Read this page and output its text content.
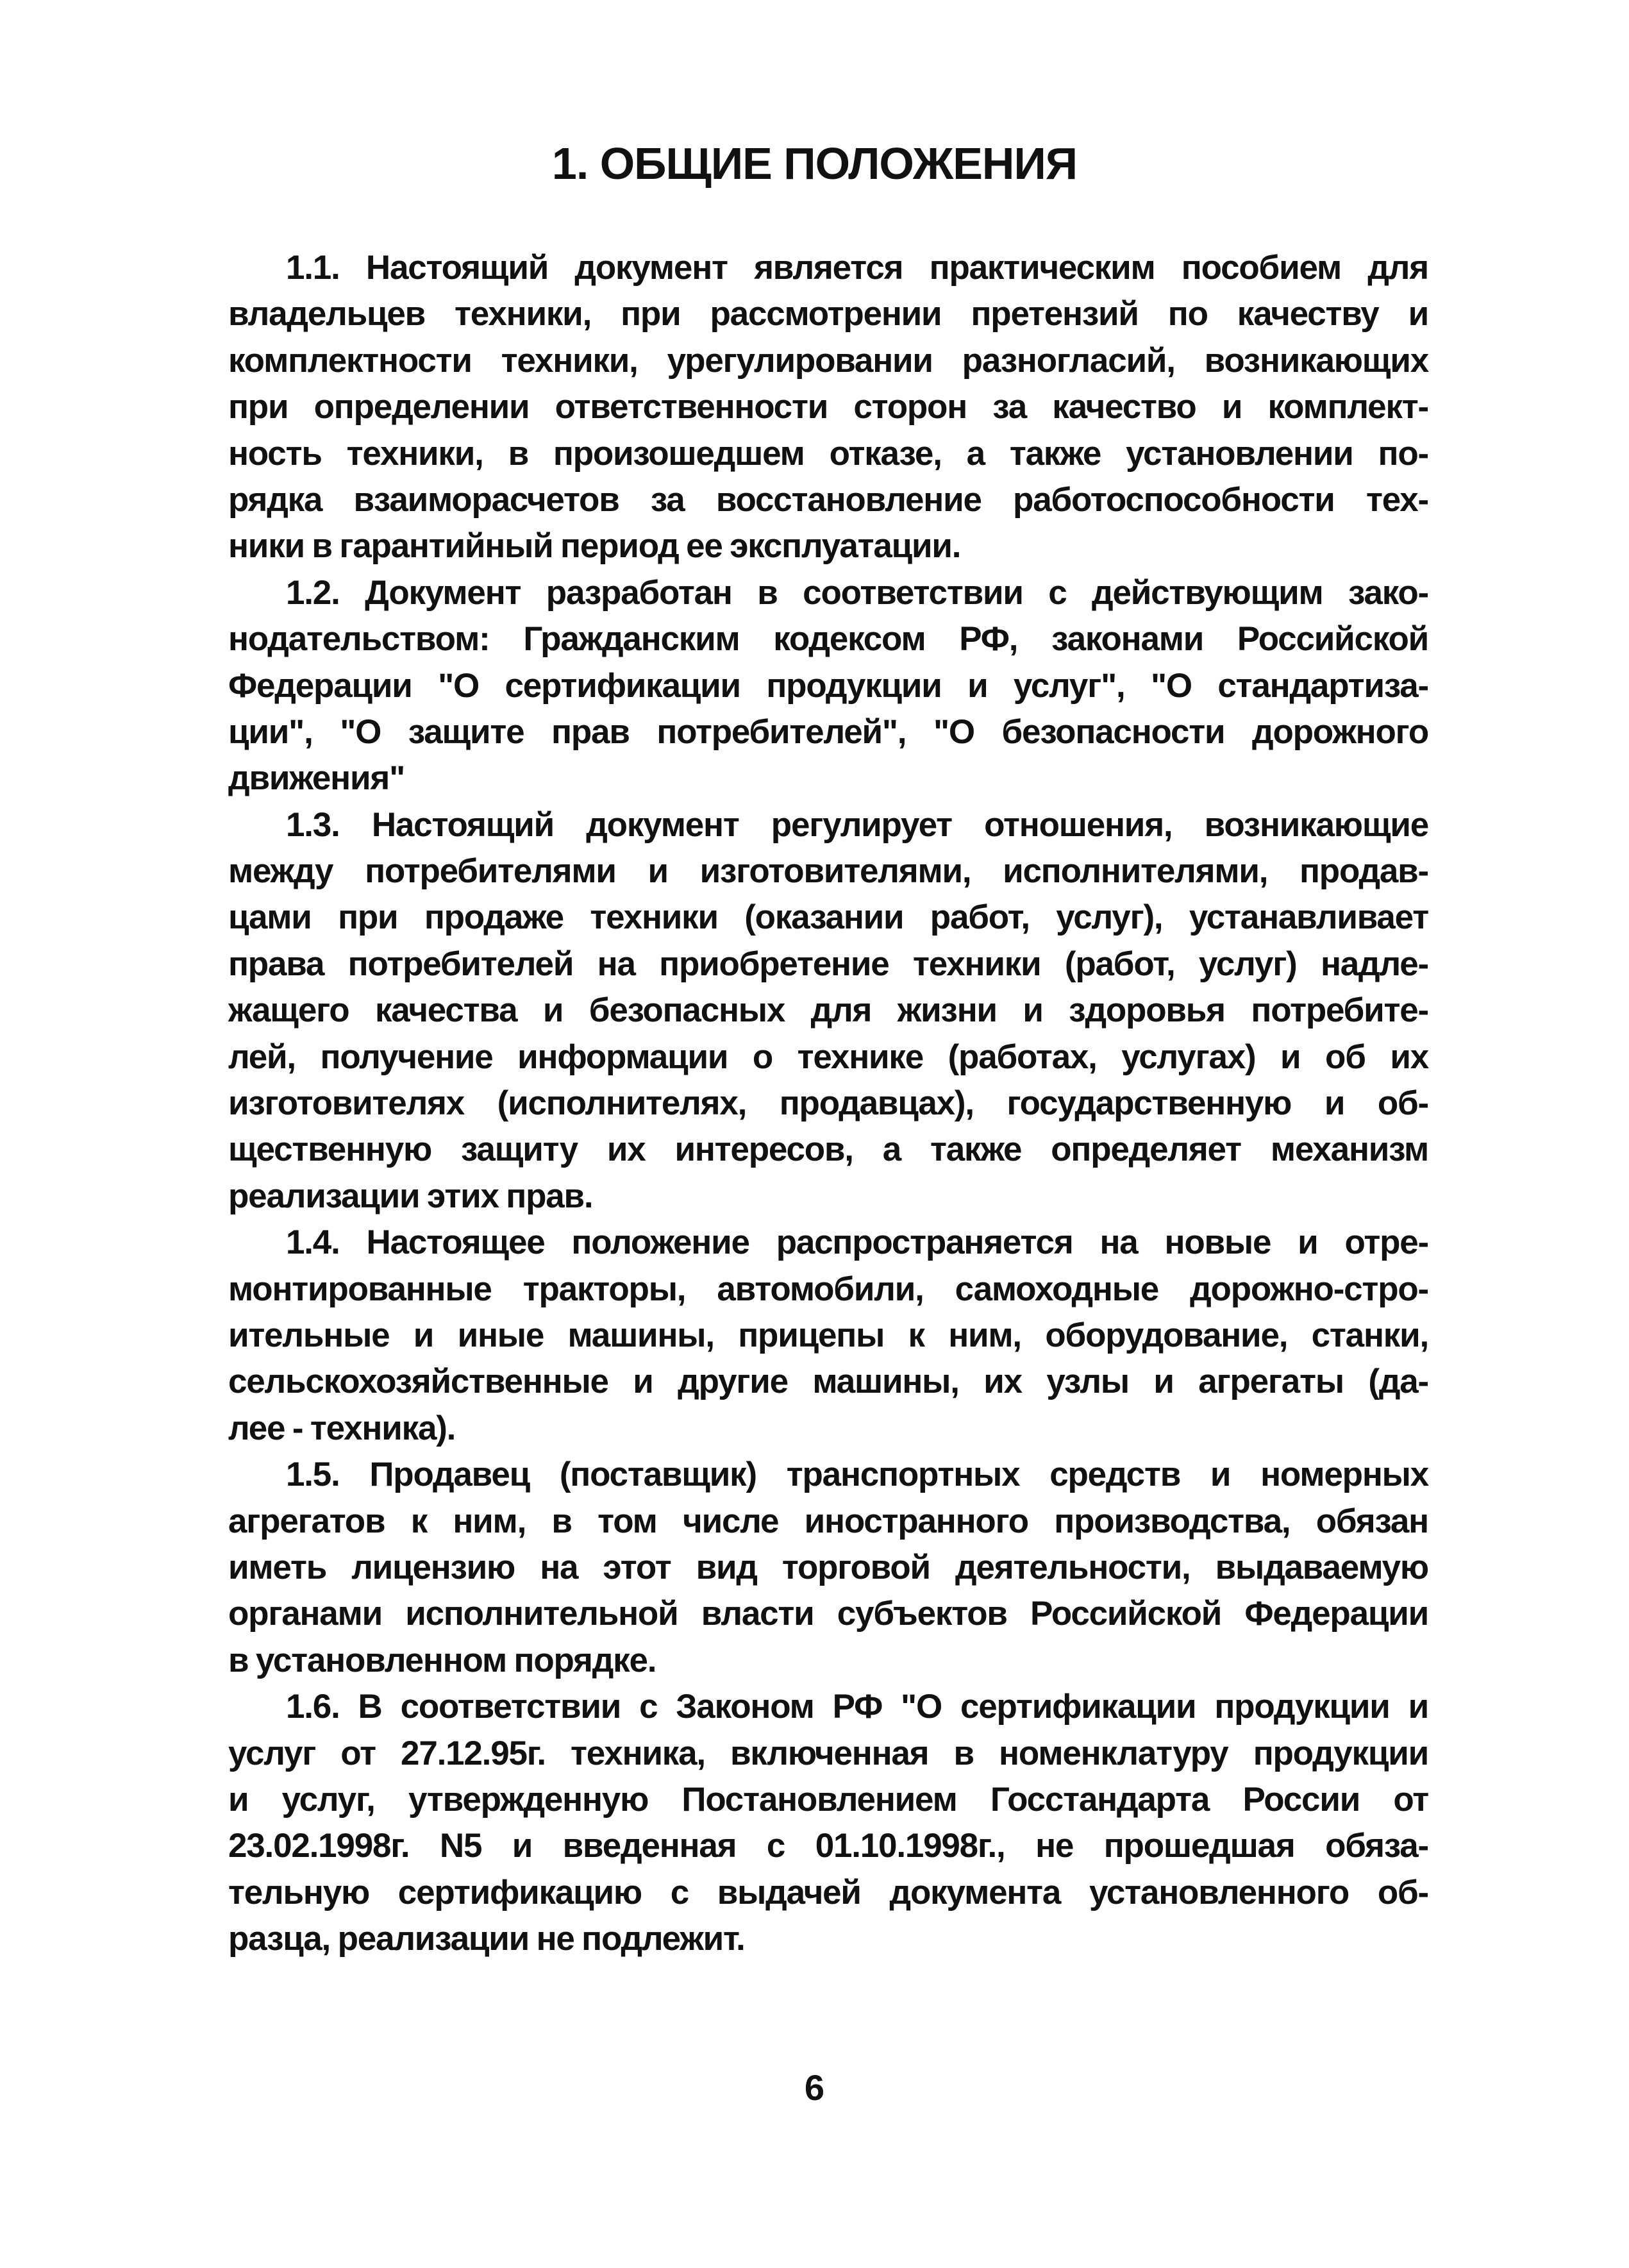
1. ОБЩИЕ ПОЛОЖЕНИЯ
1.1. Настоящий документ является практическим пособием для
владельцев техники, при рассмотрении претензий по качеству и
комплектности техники, урегулировании разногласий, возникающих
при определении ответственности сторон за качество и комплект-
ность техники, в произошедшем отказе, а также установлении по-
рядка взаиморасчетов за восстановление работоспособности тех-
ники в гарантийный период ее эксплуатации.
1.2. Документ разработан в соответствии с действующим зако-
нодательством: Гражданским кодексом РФ, законами Российской
Федерации "О сертификации продукции и услуг", "О стандартиза-
ции", "О защите прав потребителей", "О безопасности дорожного
движения"
1.3. Настоящий документ регулирует отношения, возникающие
между потребителями и изготовителями, исполнителями, продав-
цами при продаже техники (оказании работ, услуг), устанавливает
права потребителей на приобретение техники (работ, услуг) надле-
жащего качества и безопасных для жизни и здоровья потребите-
лей, получение информации о технике (работах, услугах) и об их
изготовителях (исполнителях, продавцах), государственную и об-
щественную защиту их интересов, а также определяет механизм
реализации этих прав.
1.4. Настоящее положение распространяется на новые и отре-
монтированные тракторы, автомобили, самоходные дорожно-стро-
ительные и иные машины, прицепы к ним, оборудование, станки,
сельскохозяйственные и другие машины, их узлы и агрегаты (да-
лее - техника).
1.5. Продавец (поставщик) транспортных средств и номерных
агрегатов к ним, в том числе иностранного производства, обязан
иметь лицензию на этот вид торговой деятельности, выдаваемую
органами исполнительной власти субъектов Российской Федерации
в установленном порядке.
1.6. В соответствии с Законом РФ "О сертификации продукции и
услуг от 27.12.95г. техника, включенная в номенклатуру продукции
и услуг, утвержденную Постановлением Госстандарта России от
23.02.1998г. N5 и введенная с 01.10.1998г., не прошедшая обяза-
тельную сертификацию с выдачей документа установленного об-
разца, реализации не подлежит.
6
